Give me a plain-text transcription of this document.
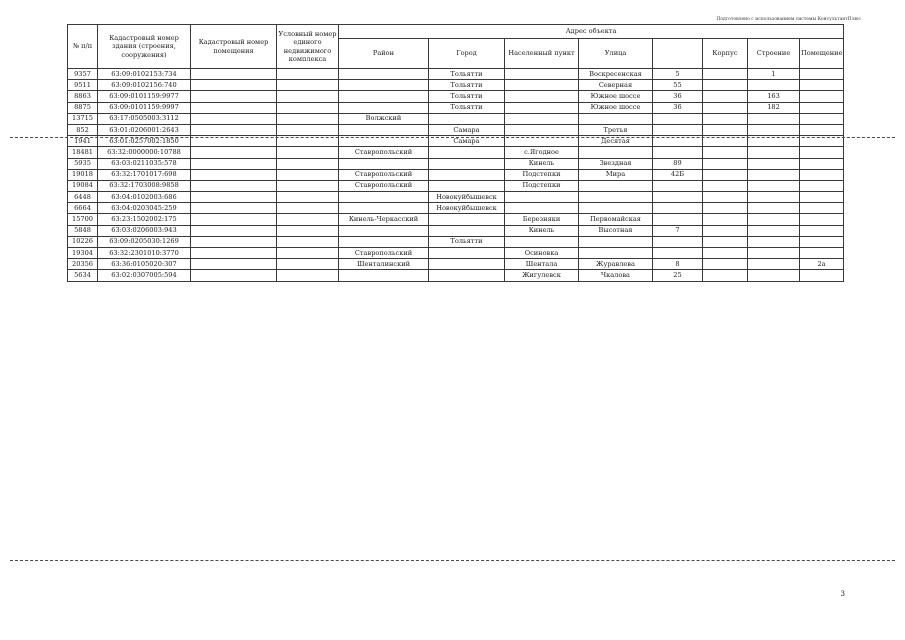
Подготовлено с использованием системы КонсультантПлюс
№ п/п	Кадастровый номер здания (строения, сооружения)	Кадастровый номер помещения	Условный номер единого недвижимого комплекса	Адрес объекта							
				Район	Город	Населенный пункт	Улица		Корпус	Строение	Помещение
9357	63:09:0102153:734				Тольятти		Воскресенская	5		1	
9511	63:09:0102156:740				Тольятти		Северная	55			
8863	63:09:0101159:9977				Тольятти		Южное шоссе	36		163	
8875	63:09:0101159:9997				Тольятти		Южное шоссе	36		182	
13715	63:17:0505003:3112			Волжский							
852	63:01:0206001:2643				Самара		Третья				
1941	63:01:0257002:1850				Самара		Десятая				
18481	63:32:0000000:10788			Ставропольский		с.Ягодное					
5935	63:03:0211035:578					Кинель	Звездная	89			
19018	63:32:1701017:698			Ставропольский		Подстепки	Мира	42Б			
19084	63:32:1703008:9858			Ставропольский		Подстепки					
6448	63:04:0102003:686				Новокуйбышевск						
6664	63:04:0203045:259				Новокуйбышевск						
15700	63:23:1502002:175			Кинель-Черкасский		Березняки	Первомайская				
5848	63:03:0206003:943					Кинель	Высотная	7			
10226	63:09:0205030:1269				Тольятти						
19304	63:32:2301010:3770			Ставропольский		Осиновка					
20356	63:36:0105020:307			Шенталинский		Шентала	Журавлева	8			2а
5634	63:02:0307005:594					Жигулевск	Чкалова	25			
3
